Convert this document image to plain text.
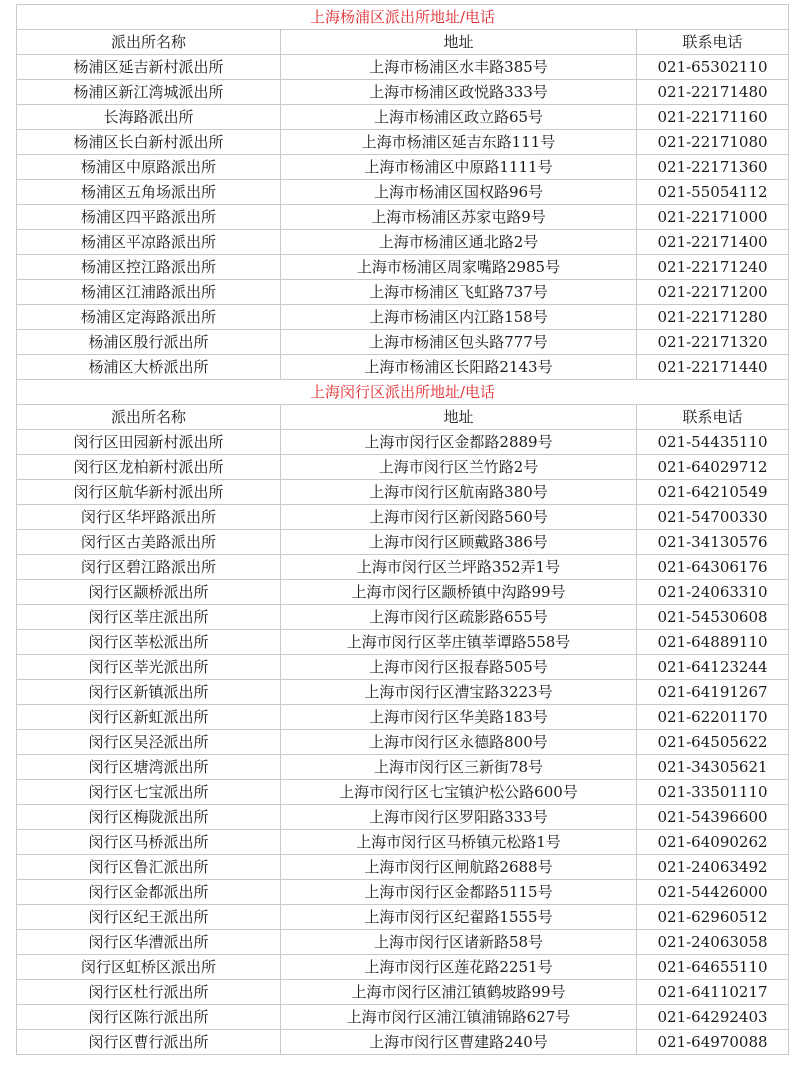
上海杨浦区派出所地址/电话		
派出所名称	地址	联系电话
杨浦区延吉新村派出所	上海市杨浦区水丰路385号	021-65302110
杨浦区新江湾城派出所	上海市杨浦区政悦路333号	021-22171480
长海路派出所	上海市杨浦区政立路65号	021-22171160
杨浦区长白新村派出所	上海市杨浦区延吉东路111号	021-22171080
杨浦区中原路派出所	上海市杨浦区中原路1111号	021-22171360
杨浦区五角场派出所	上海市杨浦区国权路96号	021-55054112
杨浦区四平路派出所	上海市杨浦区苏家屯路9号	021-22171000
杨浦区平凉路派出所	上海市杨浦区通北路2号	021-22171400
杨浦区控江路派出所	上海市杨浦区周家嘴路2985号	021-22171240
杨浦区江浦路派出所	上海市杨浦区飞虹路737号	021-22171200
杨浦区定海路派出所	上海市杨浦区内江路158号	021-22171280
杨浦区殷行派出所	上海市杨浦区包头路777号	021-22171320
杨浦区大桥派出所	上海市杨浦区长阳路2143号	021-22171440
上海闵行区派出所地址/电话		
派出所名称	地址	联系电话
闵行区田园新村派出所	上海市闵行区金都路2889号	021-54435110
闵行区龙柏新村派出所	上海市闵行区兰竹路2号	021-64029712
闵行区航华新村派出所	上海市闵行区航南路380号	021-64210549
闵行区华坪路派出所	上海市闵行区新闵路560号	021-54700330
闵行区古美路派出所	上海市闵行区顾戴路386号	021-34130576
闵行区碧江路派出所	上海市闵行区兰坪路352弄1号	021-64306176
闵行区颛桥派出所	上海市闵行区颛桥镇中沟路99号	021-24063310
闵行区莘庄派出所	上海市闵行区疏影路655号	021-54530608
闵行区莘松派出所	上海市闵行区莘庄镇莘谭路558号	021-64889110
闵行区莘光派出所	上海市闵行区报春路505号	021-64123244
闵行区新镇派出所	上海市闵行区漕宝路3223号	021-64191267
闵行区新虹派出所	上海市闵行区华美路183号	021-62201170
闵行区吴泾派出所	上海市闵行区永德路800号	021-64505622
闵行区塘湾派出所	上海市闵行区三新街78号	021-34305621
闵行区七宝派出所	上海市闵行区七宝镇沪松公路600号	021-33501110
闵行区梅陇派出所	上海市闵行区罗阳路333号	021-54396600
闵行区马桥派出所	上海市闵行区马桥镇元松路1号	021-64090262
闵行区鲁汇派出所	上海市闵行区闸航路2688号	021-24063492
闵行区金都派出所	上海市闵行区金都路5115号	021-54426000
闵行区纪王派出所	上海市闵行区纪翟路1555号	021-62960512
闵行区华漕派出所	上海市闵行区诸新路58号	021-24063058
闵行区虹桥区派出所	上海市闵行区莲花路2251号	021-64655110
闵行区杜行派出所	上海市闵行区浦江镇鹤坡路99号	021-64110217
闵行区陈行派出所	上海市闵行区浦江镇浦锦路627号	021-64292403
闵行区曹行派出所	上海市闵行区曹建路240号	021-64970088
